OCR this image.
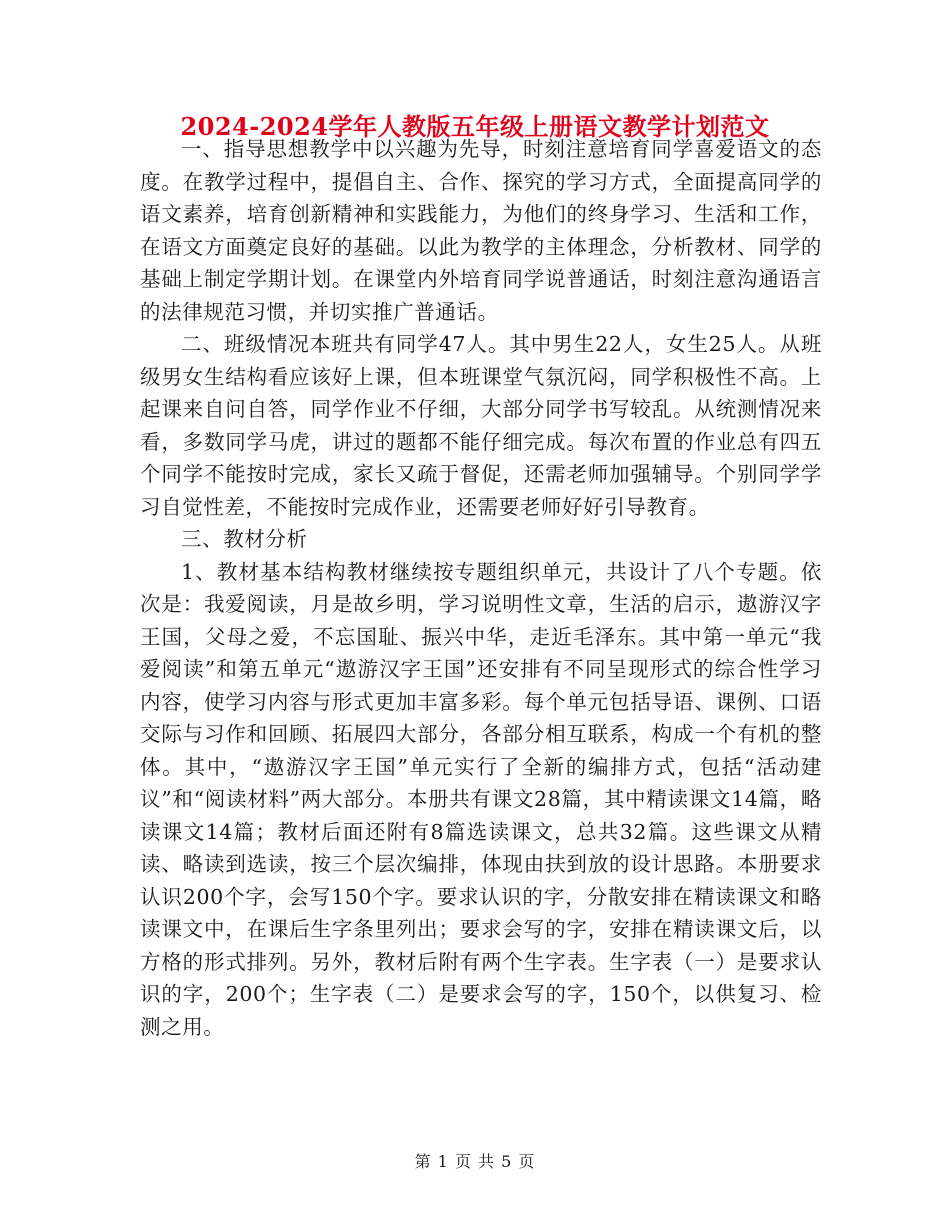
2024-2024学年人教版五年级上册语文教学计划范文

一、指导思想教学中以兴趣为先导，时刻注意培育同学喜爱语文的态度。在教学过程中，提倡自主、合作、探究的学习方式，全面提高同学的语文素养，培育创新精神和实践能力，为他们的终身学习、生活和工作，在语文方面奠定良好的基础。以此为教学的主体理念，分析教材、同学的基础上制定学期计划。在课堂内外培育同学说普通话，时刻注意沟通语言的法律规范习惯，并切实推广普通话。

二、班级情况本班共有同学47人。其中男生22人，女生25人。从班级男女生结构看应该好上课，但本班课堂气氛沉闷，同学积极性不高。上起课来自问自答，同学作业不仔细，大部分同学书写较乱。从统测情况来看，多数同学马虎，讲过的题都不能仔细完成。每次布置的作业总有四五个同学不能按时完成，家长又疏于督促，还需老师加强辅导。个别同学学习自觉性差，不能按时完成作业，还需要老师好好引导教育。

三、教材分析

1、教材基本结构教材继续按专题组织单元，共设计了八个专题。依次是：我爱阅读，月是故乡明，学习说明性文章，生活的启示，遨游汉字王国，父母之爱，不忘国耻、振兴中华，走近毛泽东。其中第一单元“我爱阅读”和第五单元“遨游汉字王国”还安排有不同呈现形式的综合性学习内容，使学习内容与形式更加丰富多彩。每个单元包括导语、课例、口语交际与习作和回顾、拓展四大部分，各部分相互联系，构成一个有机的整体。其中，“遨游汉字王国”单元实行了全新的编排方式，包括“活动建议”和“阅读材料”两大部分。本册共有课文28篇，其中精读课文14篇，略读课文14篇；教材后面还附有8篇选读课文，总共32篇。这些课文从精读、略读到选读，按三个层次编排，体现由扶到放的设计思路。本册要求认识200个字，会写150个字。要求认识的字，分散安排在精读课文和略读课文中，在课后生字条里列出；要求会写的字，安排在精读课文后，以方格的形式排列。另外，教材后附有两个生字表。生字表（一）是要求认识的字，200个；生字表（二）是要求会写的字，150个，以供复习、检测之用。

第 1 页 共 5 页
